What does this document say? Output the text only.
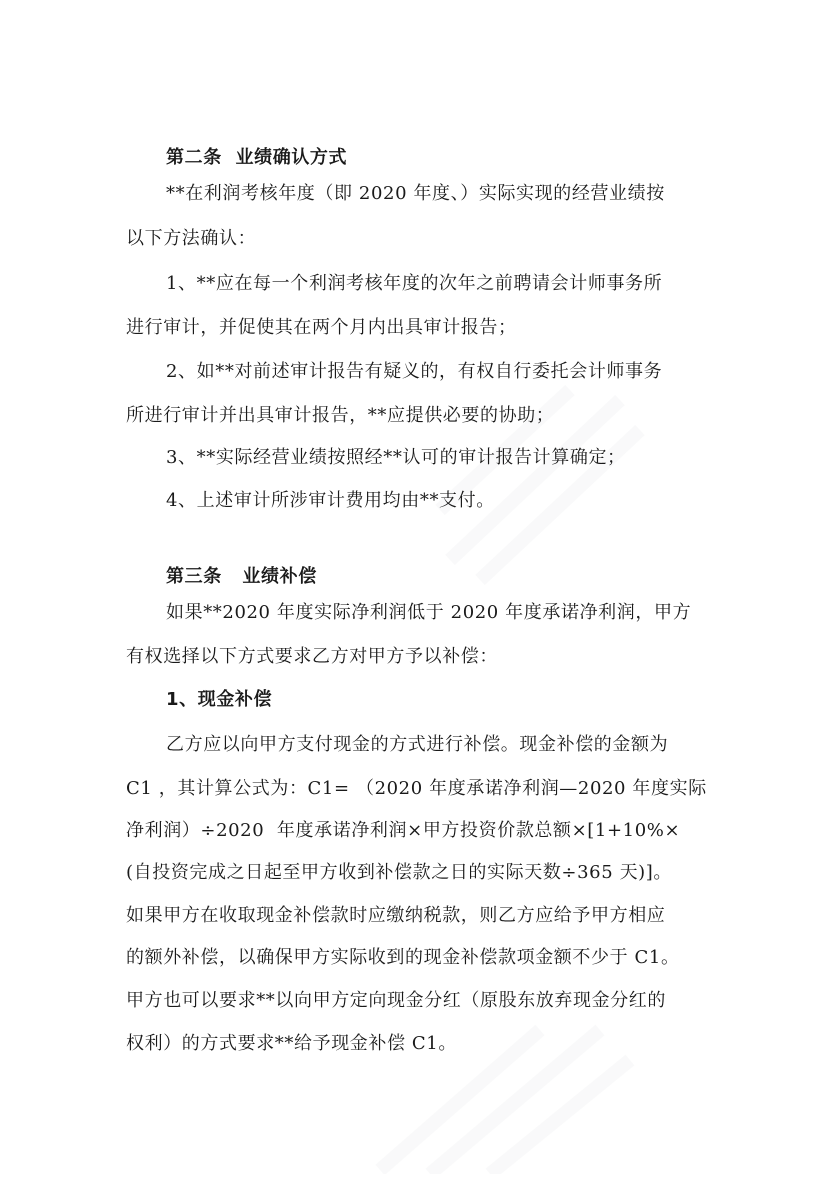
第二条  业绩确认方式
**在利润考核年度（即 2020 年度、）实际实现的经营业绩按
以下方法确认：
1、**应在每一个利润考核年度的次年之前聘请会计师事务所
进行审计，并促使其在两个月内出具审计报告；
2、如**对前述审计报告有疑义的，有权自行委托会计师事务
所进行审计并出具审计报告，**应提供必要的协助；
3、**实际经营业绩按照经**认可的审计报告计算确定；
4、上述审计所涉审计费用均由**支付。
第三条   业绩补偿
如果**2020 年度实际净利润低于 2020 年度承诺净利润，甲方
有权选择以下方式要求乙方对甲方予以补偿：
1、现金补偿
乙方应以向甲方支付现金的方式进行补偿。现金补偿的金额为
C1 ，其计算公式为：C1= （2020 年度承诺净利润—2020 年度实际
净利润）÷2020  年度承诺净利润×甲方投资价款总额×[1+10%×
(自投资完成之日起至甲方收到补偿款之日的实际天数÷365 天)]。
如果甲方在收取现金补偿款时应缴纳税款，则乙方应给予甲方相应
的额外补偿，以确保甲方实际收到的现金补偿款项金额不少于 C1。
甲方也可以要求**以向甲方定向现金分红（原股东放弃现金分红的
权利）的方式要求**给予现金补偿 C1。
